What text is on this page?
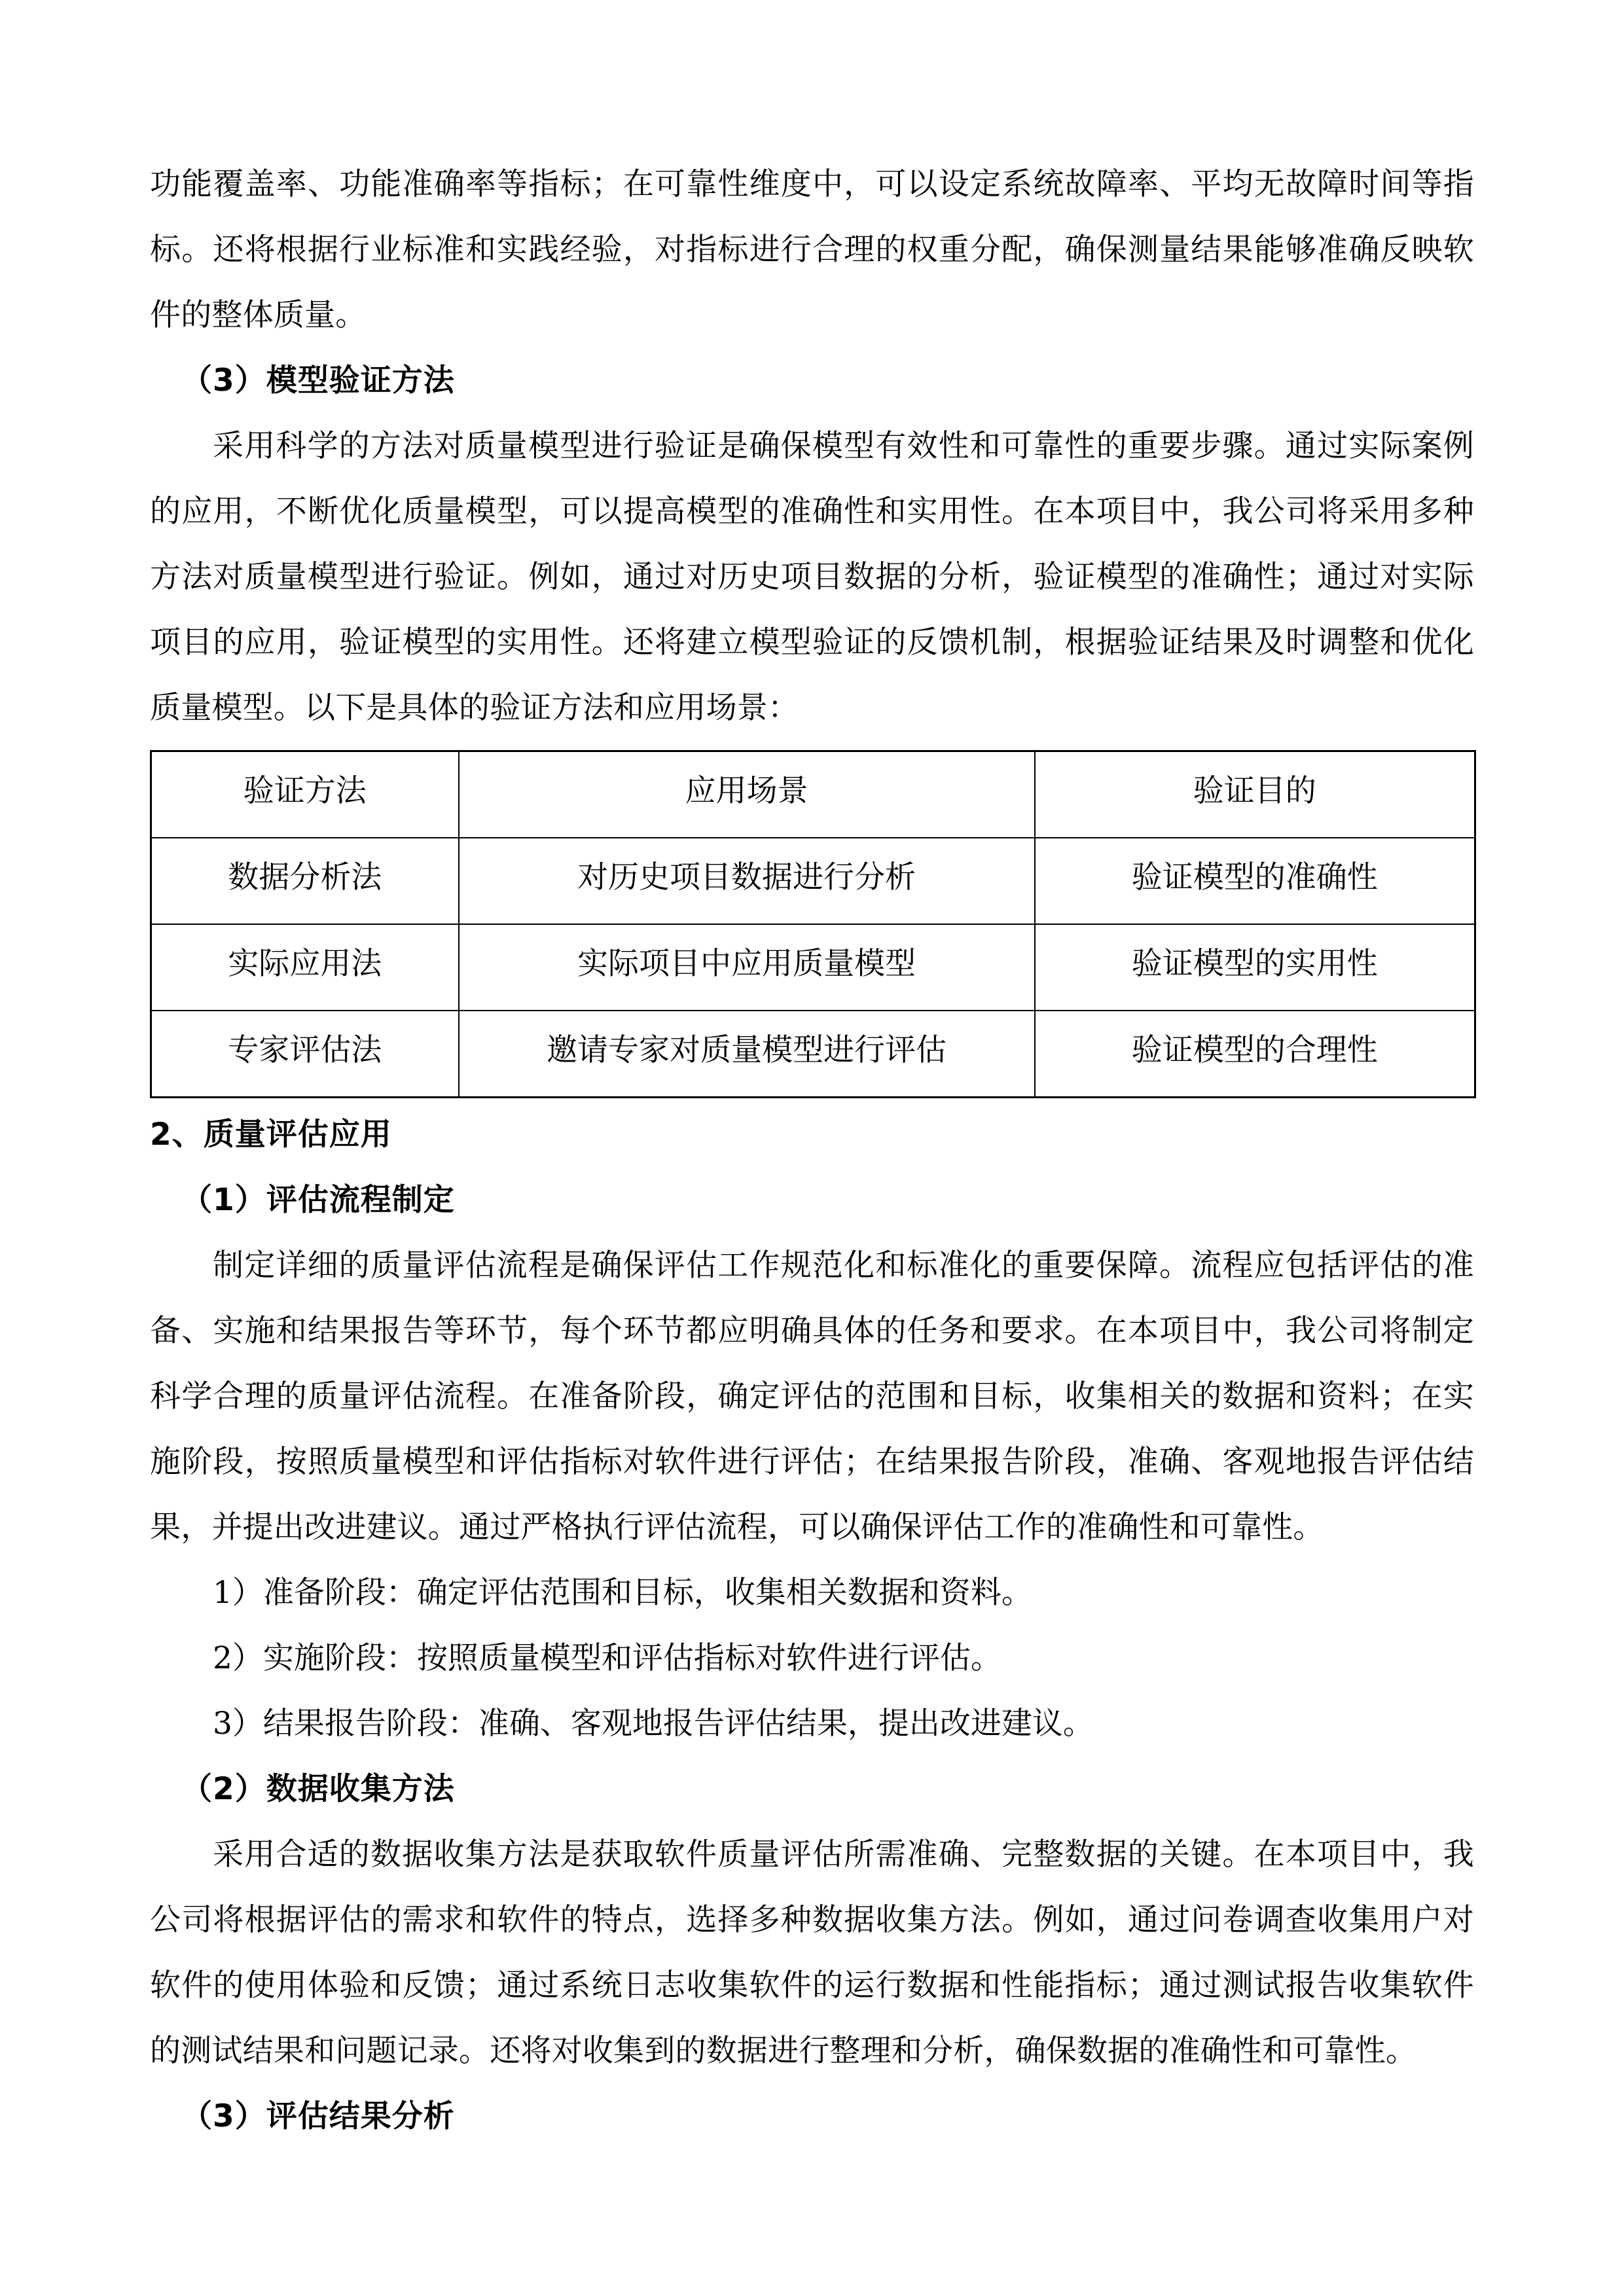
功能覆盖率、功能准确率等指标；在可靠性维度中，可以设定系统故障率、平均无故障时间等指标。还将根据行业标准和实践经验，对指标进行合理的权重分配，确保测量结果能够准确反映软件的整体质量。

（3）模型验证方法

采用科学的方法对质量模型进行验证是确保模型有效性和可靠性的重要步骤。通过实际案例的应用，不断优化质量模型，可以提高模型的准确性和实用性。在本项目中，我公司将采用多种方法对质量模型进行验证。例如，通过对历史项目数据的分析，验证模型的准确性；通过对实际项目的应用，验证模型的实用性。还将建立模型验证的反馈机制，根据验证结果及时调整和优化质量模型。以下是具体的验证方法和应用场景：

验证方法	应用场景	验证目的
数据分析法	对历史项目数据进行分析	验证模型的准确性
实际应用法	实际项目中应用质量模型	验证模型的实用性
专家评估法	邀请专家对质量模型进行评估	验证模型的合理性
2、质量评估应用
（1）评估流程制定

制定详细的质量评估流程是确保评估工作规范化和标准化的重要保障。流程应包括评估的准备、实施和结果报告等环节，每个环节都应明确具体的任务和要求。在本项目中，我公司将制定科学合理的质量评估流程。在准备阶段，确定评估的范围和目标，收集相关的数据和资料；在实施阶段，按照质量模型和评估指标对软件进行评估；在结果报告阶段，准确、客观地报告评估结果，并提出改进建议。通过严格执行评估流程，可以确保评估工作的准确性和可靠性。

1）准备阶段：确定评估范围和目标，收集相关数据和资料。

2）实施阶段：按照质量模型和评估指标对软件进行评估。

3）结果报告阶段：准确、客观地报告评估结果，提出改进建议。

（2）数据收集方法

采用合适的数据收集方法是获取软件质量评估所需准确、完整数据的关键。在本项目中，我公司将根据评估的需求和软件的特点，选择多种数据收集方法。例如，通过问卷调查收集用户对软件的使用体验和反馈；通过系统日志收集软件的运行数据和性能指标；通过测试报告收集软件的测试结果和问题记录。还将对收集到的数据进行整理和分析，确保数据的准确性和可靠性。

（3）评估结果分析
